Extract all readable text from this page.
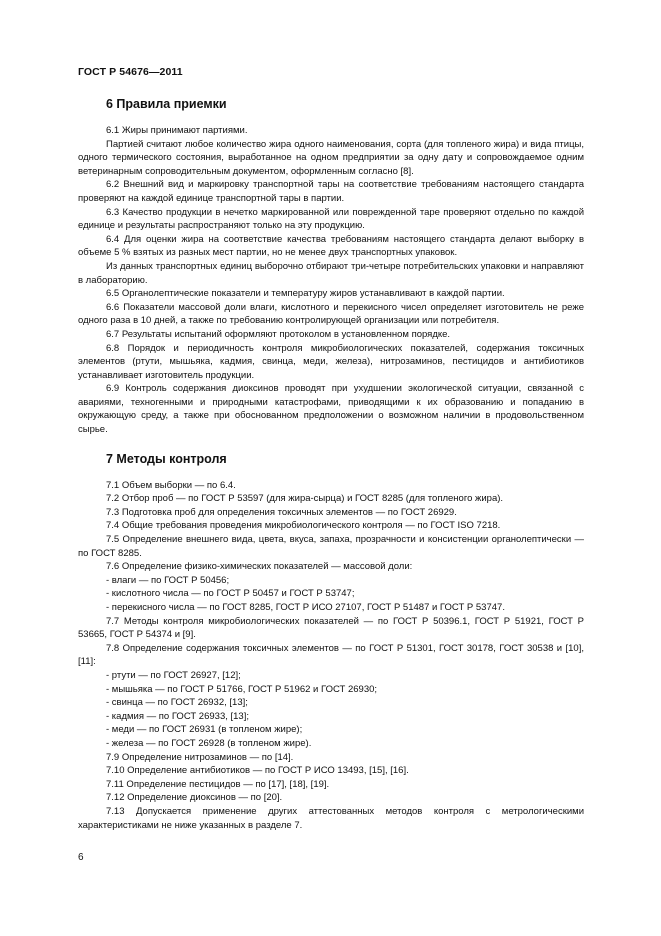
ГОСТ Р 54676—2011
6 Правила приемки

6.1 Жиры принимают партиями.

Партией считают любое количество жира одного наименования, сорта (для топленого жира) и вида птицы, одного термического состояния, выработанное на одном предприятии за одну дату и сопровождаемое одним ветеринарным сопроводительным документом, оформленным согласно [8].

6.2 Внешний вид и маркировку транспортной тары на соответствие требованиям настоящего стандарта проверяют на каждой единице транспортной тары в партии.

6.3 Качество продукции в нечетко маркированной или поврежденной таре проверяют отдельно по каждой единице и результаты распространяют только на эту продукцию.

6.4 Для оценки жира на соответствие качества требованиям настоящего стандарта делают выборку в объеме 5 % взятых из разных мест партии, но не менее двух транспортных упаковок.

Из данных транспортных единиц выборочно отбирают три-четыре потребительских упаковки и направляют в лабораторию.

6.5 Органолептические показатели и температуру жиров устанавливают в каждой партии.

6.6 Показатели массовой доли влаги, кислотного и перекисного чисел определяет изготовитель не реже одного раза в 10 дней, а также по требованию контролирующей организации или потребителя.

6.7 Результаты испытаний оформляют протоколом в установленном порядке.

6.8 Порядок и периодичность контроля микробиологических показателей, содержания токсичных элементов (ртути, мышьяка, кадмия, свинца, меди, железа), нитрозаминов, пестицидов и антибиотиков устанавливает изготовитель продукции.

6.9 Контроль содержания диоксинов проводят при ухудшении экологической ситуации, связанной с авариями, техногенными и природными катастрофами, приводящими к их образованию и попаданию в окружающую среду, а также при обоснованном предположении о возможном наличии в продовольственном сырье.

7 Методы контроля

7.1 Объем выборки — по 6.4.

7.2 Отбор проб — по ГОСТ Р 53597 (для жира-сырца) и ГОСТ 8285 (для топленого жира).

7.3 Подготовка проб для определения токсичных элементов — по ГОСТ 26929.

7.4 Общие требования проведения микробиологического контроля — по ГОСТ ISO 7218.

7.5 Определение внешнего вида, цвета, вкуса, запаха, прозрачности и консистенции органолептически — по ГОСТ 8285.

7.6 Определение физико-химических показателей — массовой доли:

- влаги — по ГОСТ Р 50456;

- кислотного числа — по ГОСТ Р 50457 и ГОСТ Р 53747;

- перекисного числа — по ГОСТ 8285, ГОСТ Р ИСО 27107, ГОСТ Р 51487 и ГОСТ Р 53747.

7.7 Методы контроля микробиологических показателей — по ГОСТ Р 50396.1, ГОСТ Р 51921, ГОСТ Р 53665, ГОСТ Р 54374 и [9].

7.8 Определение содержания токсичных элементов — по ГОСТ Р 51301, ГОСТ 30178, ГОСТ 30538 и [10], [11]:

- ртути — по ГОСТ 26927, [12];

- мышьяка — по ГОСТ Р 51766, ГОСТ Р 51962 и ГОСТ 26930;

- свинца — по ГОСТ 26932, [13];

- кадмия — по ГОСТ 26933, [13];

- меди — по ГОСТ 26931 (в топленом жире);

- железа — по ГОСТ 26928 (в топленом жире).

7.9 Определение нитрозаминов — по [14].

7.10 Определение антибиотиков — по ГОСТ Р ИСО 13493, [15], [16].

7.11 Определение пестицидов — по [17], [18], [19].

7.12 Определение диоксинов — по [20].

7.13 Допускается применение других аттестованных методов контроля с метрологическими характеристиками не ниже указанных в разделе 7.

6
